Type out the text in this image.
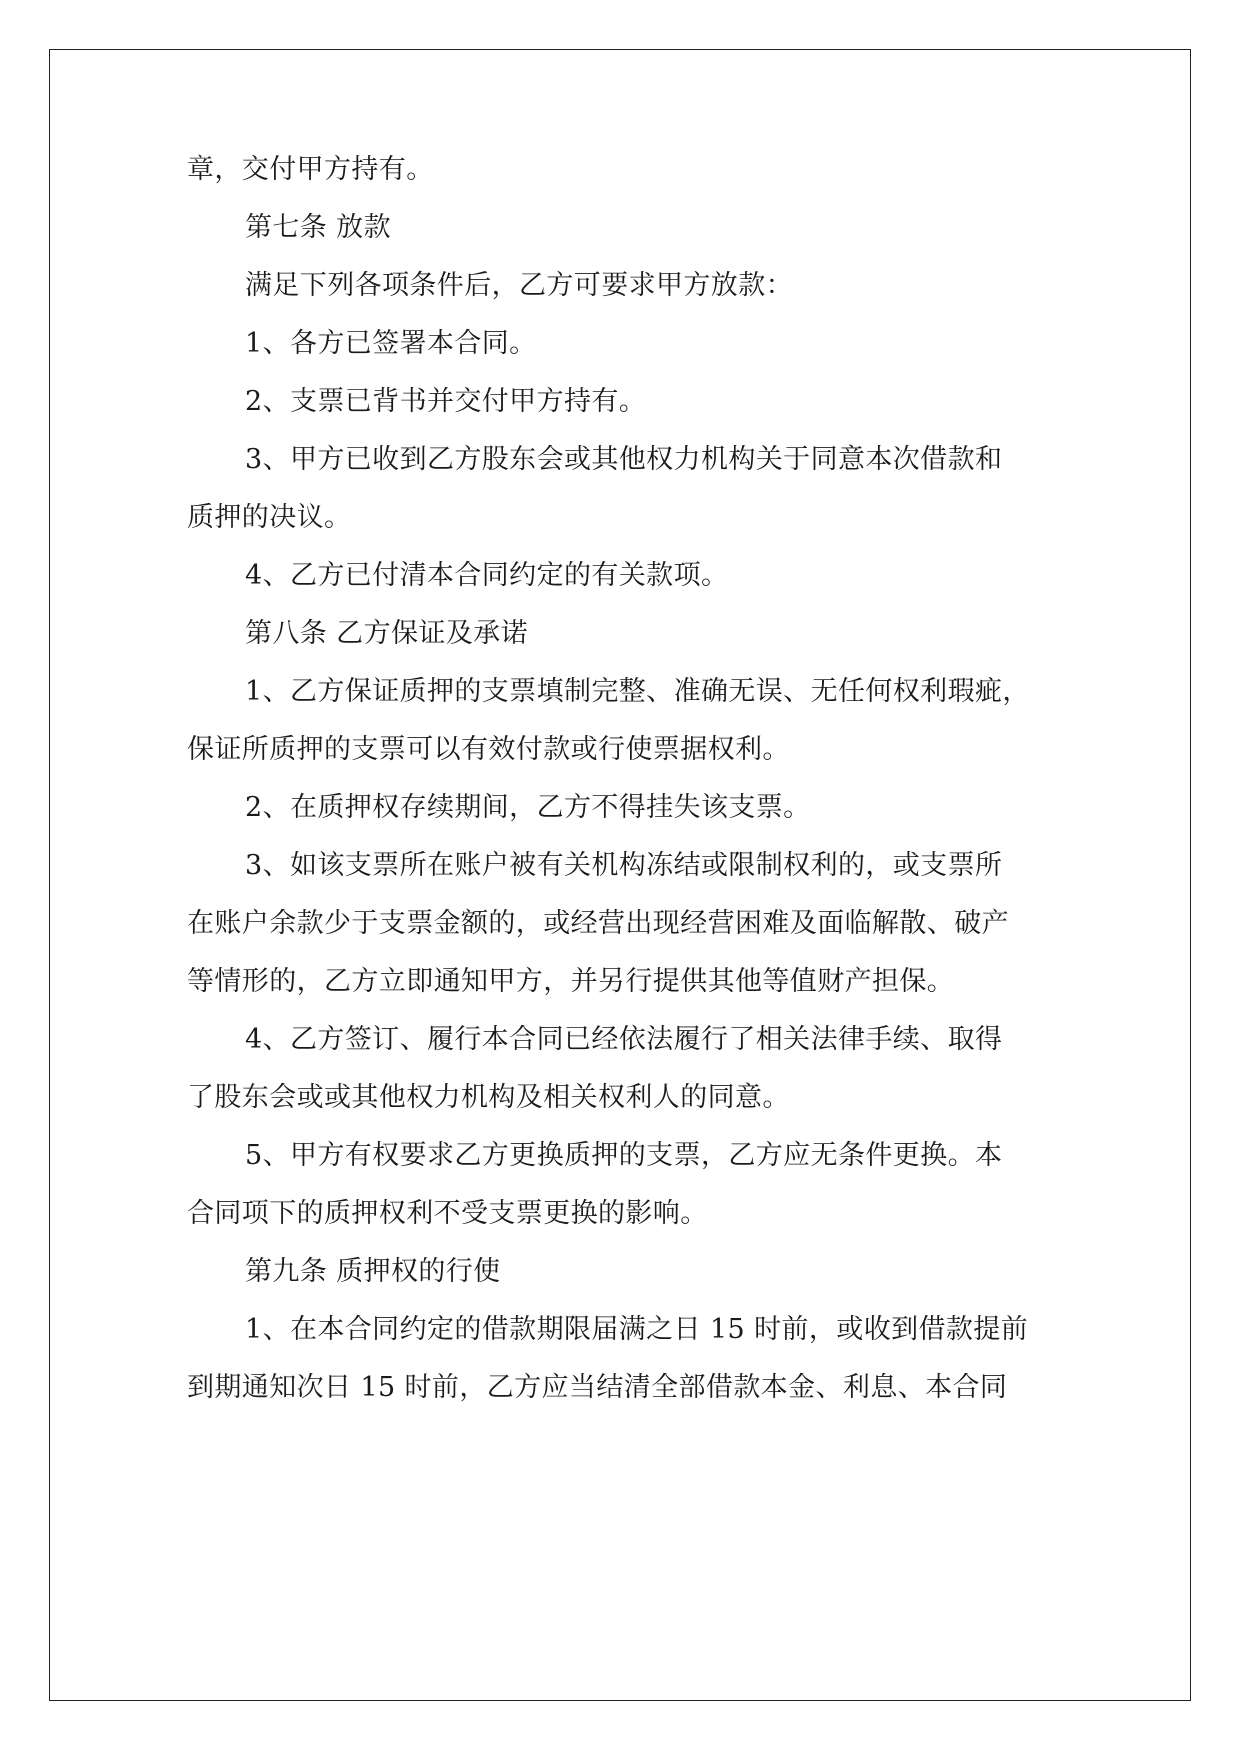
章，交付甲方持有。
第七条 放款
满足下列各项条件后，乙方可要求甲方放款：
1、各方已签署本合同。
2、支票已背书并交付甲方持有。
3、甲方已收到乙方股东会或其他权力机构关于同意本次借款和
质押的决议。
4、乙方已付清本合同约定的有关款项。
第八条 乙方保证及承诺
1、乙方保证质押的支票填制完整、准确无误、无任何权利瑕疵，
保证所质押的支票可以有效付款或行使票据权利。
2、在质押权存续期间，乙方不得挂失该支票。
3、如该支票所在账户被有关机构冻结或限制权利的，或支票所
在账户余款少于支票金额的，或经营出现经营困难及面临解散、破产
等情形的，乙方立即通知甲方，并另行提供其他等值财产担保。
4、乙方签订、履行本合同已经依法履行了相关法律手续、取得
了股东会或或其他权力机构及相关权利人的同意。
5、甲方有权要求乙方更换质押的支票，乙方应无条件更换。本
合同项下的质押权利不受支票更换的影响。
第九条 质押权的行使
1、在本合同约定的借款期限届满之日 15 时前，或收到借款提前
到期通知次日 15 时前，乙方应当结清全部借款本金、利息、本合同
